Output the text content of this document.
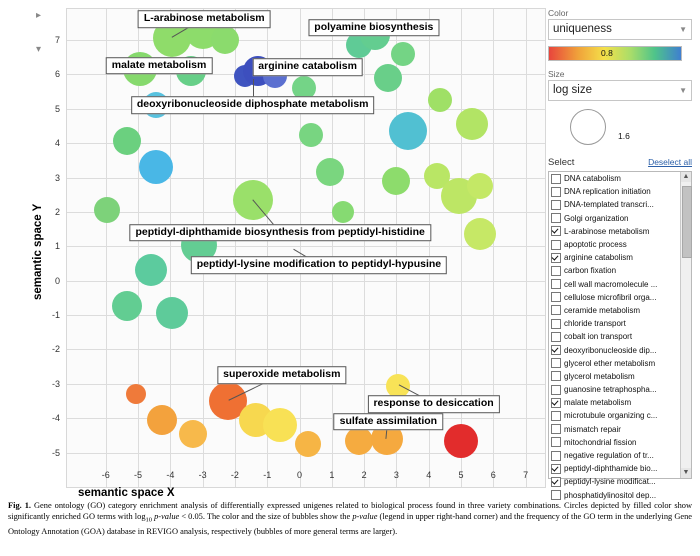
▸
▾
L-arabinose metabolism
polyamine biosynthesis
malate metabolism	arginine catabolism
deoxyribonucleoside diphosphate metabolism
peptidyl-diphthamide biosynthesis from peptidyl-histidine
peptidyl-lysine modification to peptidyl-hypusine
superoxide metabolism
response to desiccation
sulfate assimilation
semantic space Y
semantic space X
-5
-4
-3
-2
-1
0
1
2
3
4
5
6
7
-6	-5	-4	-3	-2	-1	0	1	2	3	4	5	6	7
Color
uniqueness	▼
0.8
Size
log size	▼
1.6
Select	Deselect all
DNA catabolism
DNA replication initiation
DNA-templated transcri...
Golgi organization
L-arabinose metabolism
apoptotic process
arginine catabolism
carbon fixation
cell wall macromolecule ...
cellulose microfibril orga...
ceramide metabolism
chloride transport
cobalt ion transport
deoxyribonucleoside dip...
glycerol ether metabolism
glycerol metabolism
guanosine tetraphospha...
malate metabolism
microtubule organizing c...
mismatch repair
mitochondrial fission
negative regulation of tr...
peptidyl-diphthamide bio...
peptidyl-lysine modificat...
phosphatidylinositol dep...
▲
▼
Fig. 1. Gene ontology (GO) category enrichment analysis of differentially expressed unigenes related to biological process found in three variety combinations. Circles depicted by filled color show significantly enriched GO terms with $\log_{10}$ p-value < 0.05. The color and the size of bubbles show the p-value (legend in upper right-hand corner) and the frequency of the GO term in the underlying Gene Ontology Annotation (GOA) database in REVIGO analysis, respectively (bubbles of more general terms are larger).
